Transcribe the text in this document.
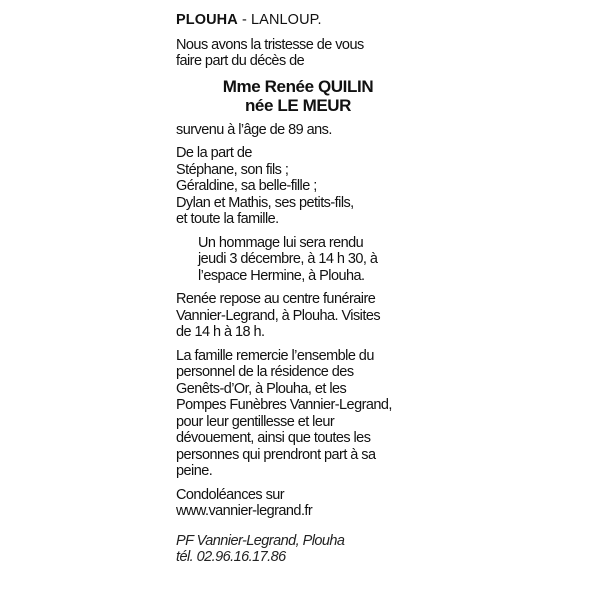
PLOUHA - LANLOUP.
Nous avons la tristesse de vous
faire part du décès de
Mme Renée QUILIN
née LE MEUR
survenu à l’âge de 89 ans.
De la part de
Stéphane, son fils ;
Géraldine, sa belle-fille ;
Dylan et Mathis, ses petits-fils,
et toute la famille.
Un hommage lui sera rendu
jeudi 3 décembre, à 14 h 30, à
l’espace Hermine, à Plouha.
Renée repose au centre funéraire
Vannier-Legrand, à Plouha. Visites
de 14 h à 18 h.
La famille remercie l’ensemble du
personnel de la résidence des
Genêts-d’Or, à Plouha, et les
Pompes Funèbres Vannier-Legrand,
pour leur gentillesse et leur
dévouement, ainsi que toutes les
personnes qui prendront part à sa
peine.
Condoléances sur
www.vannier-legrand.fr
PF Vannier-Legrand, Plouha
tél. 02.96.16.17.86
